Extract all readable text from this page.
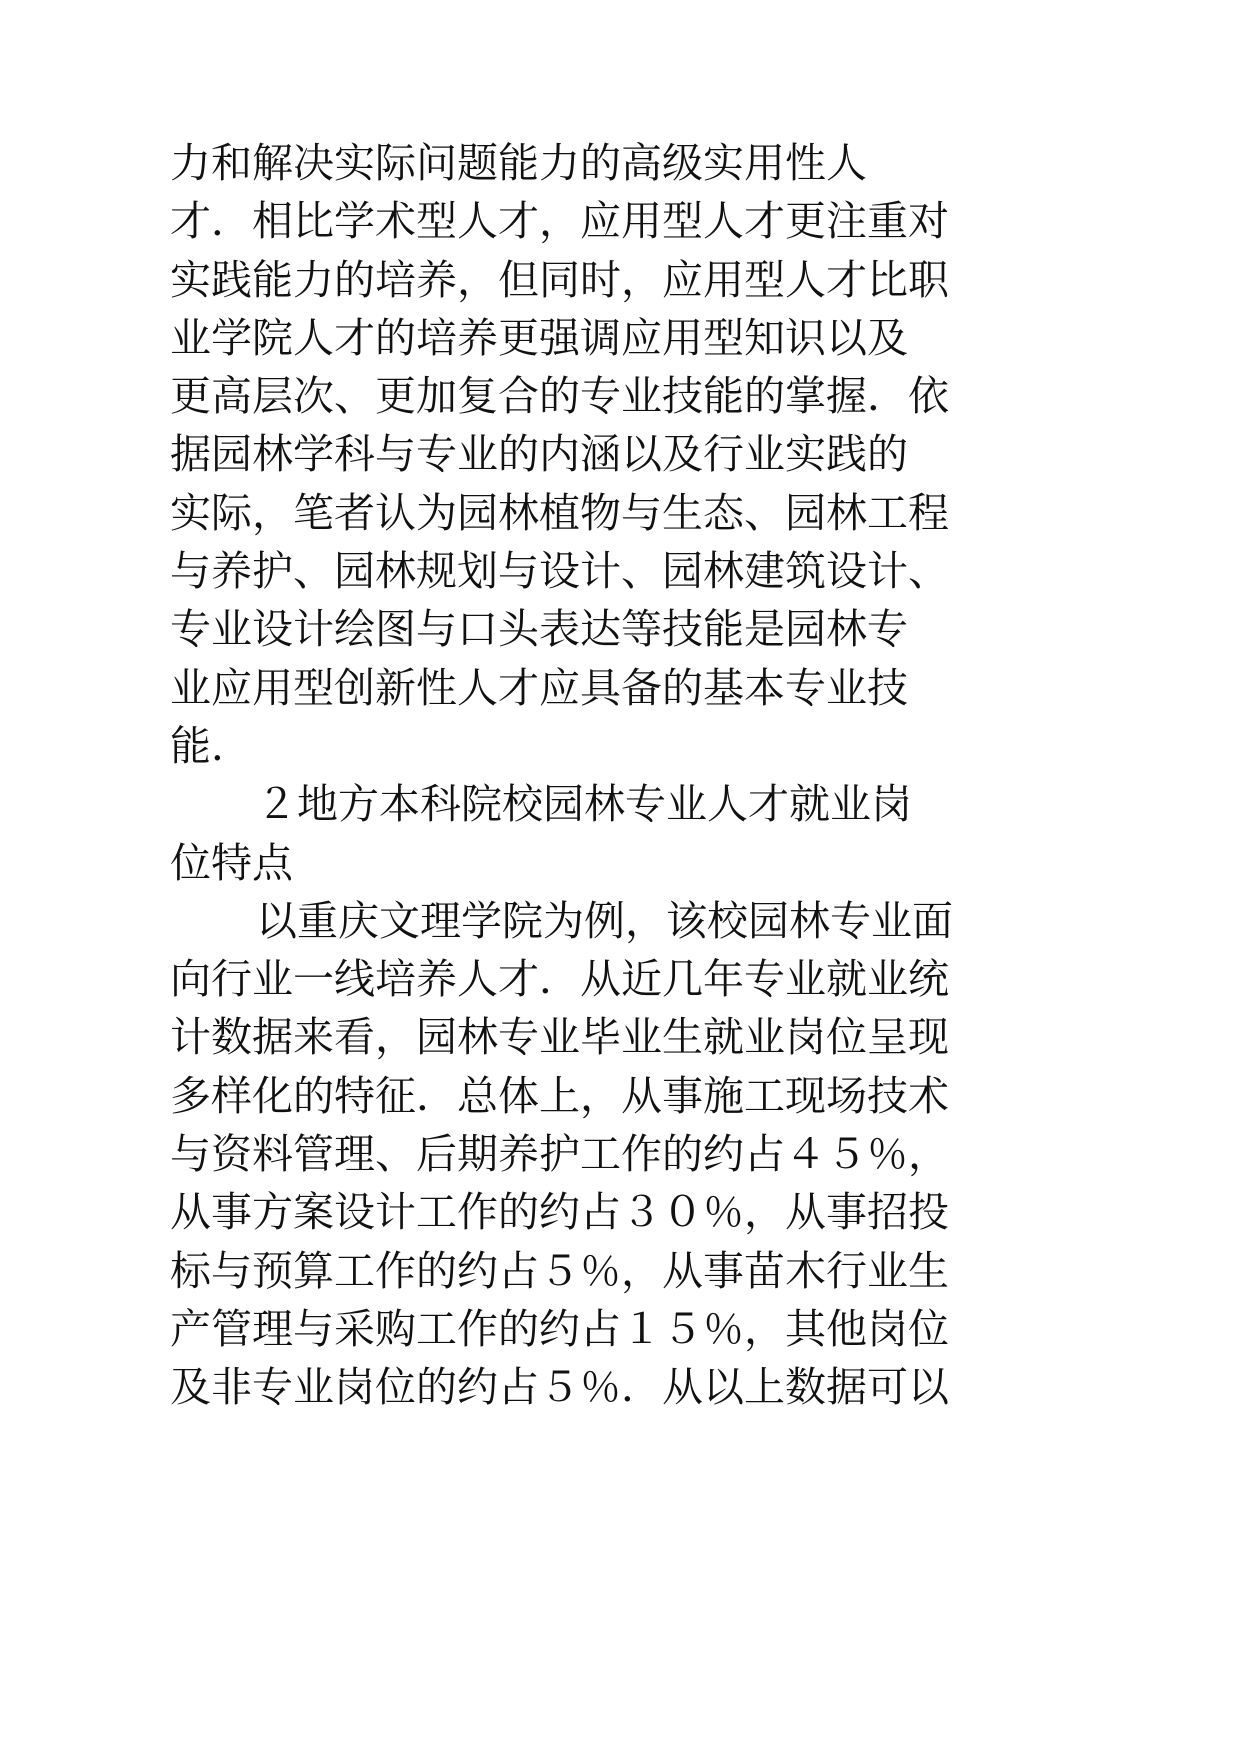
力和解决实际问题能力的高级实用性人
才．相比学术型人才，应用型人才更注重对
实践能力的培养，但同时，应用型人才比职
业学院人才的培养更强调应用型知识以及
更高层次、更加复合的专业技能的掌握．依
据园林学科与专业的内涵以及行业实践的
实际，笔者认为园林植物与生态、园林工程
与养护、园林规划与设计、园林建筑设计、
专业设计绘图与口头表达等技能是园林专
业应用型创新性人才应具备的基本专业技
能．
２地方本科院校园林专业人才就业岗
位特点
以重庆文理学院为例，该校园林专业面
向行业一线培养人才．从近几年专业就业统
计数据来看，园林专业毕业生就业岗位呈现
多样化的特征．总体上，从事施工现场技术
与资料管理、后期养护工作的约占４５％，
从事方案设计工作的约占３０％，从事招投
标与预算工作的约占５％，从事苗木行业生
产管理与采购工作的约占１５％，其他岗位
及非专业岗位的约占５％．从以上数据可以
